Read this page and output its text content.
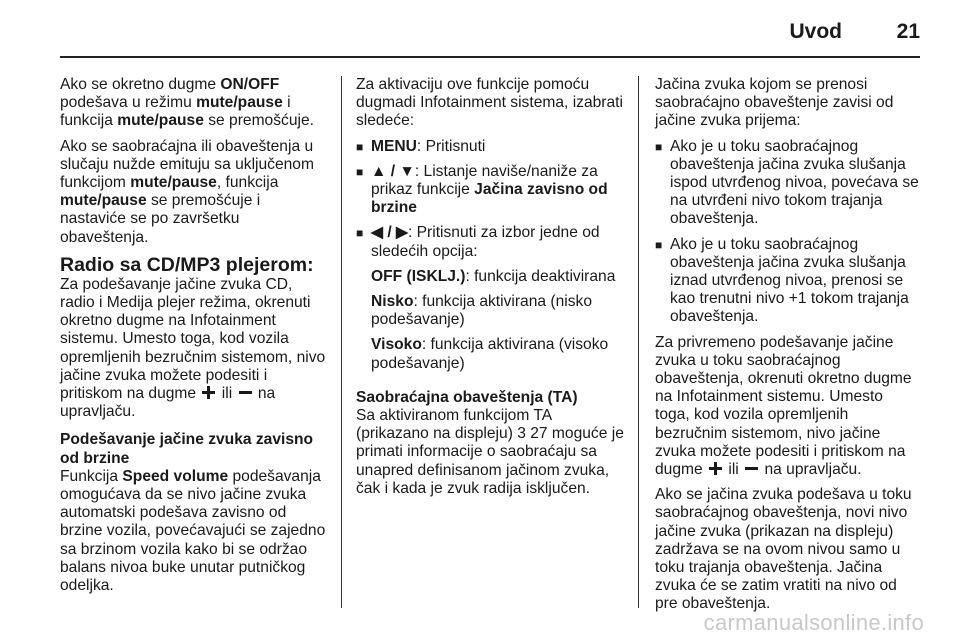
Uvod	21

Ako se okretno dugme ON/OFF podešava u režimu mute/pause i funkcija mute/pause se premošćuje.

Ako se saobraćajna ili obaveštenja u slučaju nužde emituju sa uključenom funkcijom mute/pause, funkcija mute/pause se premošćuje i nastaviće se po završetku obaveštenja.

Radio sa CD/MP3 plejerom:

Za podešavanje jačine zvuka CD, radio i Medija plejer režima, okrenuti okretno dugme na Infotainment sistemu. Umesto toga, kod vozila opremljenih bezručnim sistemom, nivo jačine zvuka možete podesiti i pritiskom na dugme ili na upravljaču.

Podešavanje jačine zvuka zavisno od brzine

Funkcija Speed volume podešavanja omogućava da se nivo jačine zvuka automatski podešava zavisno od brzine vozila, povećavajući se zajedno sa brzinom vozila kako bi se održao balans nivoa buke unutar putničkog odeljka.

Za aktivaciju ove funkcije pomoću dugmadi Infotainment sistema, izabrati sledeće:

■ MENU: Pritisnuti
■ ▲ / ▼: Listanje naviše/naniže za prikaz funkcije Jačina zavisno od brzine
■ ◀ / ▶: Pritisnuti za izbor jedne od sledećih opcija:
OFF (ISKLJ.): funkcija deaktivirana
Nisko: funkcija aktivirana (nisko podešavanje)
Visoko: funkcija aktivirana (visoko podešavanje)
Saobraćajna obaveštenja (TA)

Sa aktiviranom funkcijom TA (prikazano na displeju) 3 27 moguće je primati informacije o saobraćaju sa unapred definisanom jačinom zvuka, čak i kada je zvuk radija isključen.

Jačina zvuka kojom se prenosi saobraćajno obaveštenje zavisi od jačine zvuka prijema:

■ Ako je u toku saobraćajnog obaveštenja jačina zvuka slušanja ispod utvrđenog nivoa, povećava se na utvrđeni nivo tokom trajanja obaveštenja.
■ Ako je u toku saobraćajnog obaveštenja jačina zvuka slušanja iznad utvrđenog nivoa, prenosi se kao trenutni nivo +1 tokom trajanja obaveštenja.

Za privremeno podešavanje jačine zvuka u toku saobraćajnog obaveštenja, okrenuti okretno dugme na Infotainment sistemu. Umesto toga, kod vozila opremljenih bezručnim sistemom, nivo jačine zvuka možete podesiti i pritiskom na dugme ili na upravljaču.

Ako se jačina zvuka podešava u toku saobraćajnog obaveštenja, novi nivo jačine zvuka (prikazan na displeju) zadržava se na ovom nivou samo u toku trajanja obaveštenja. Jačina zvuka će se zatim vratiti na nivo od pre obaveštenja.

carmanualsonline.info
